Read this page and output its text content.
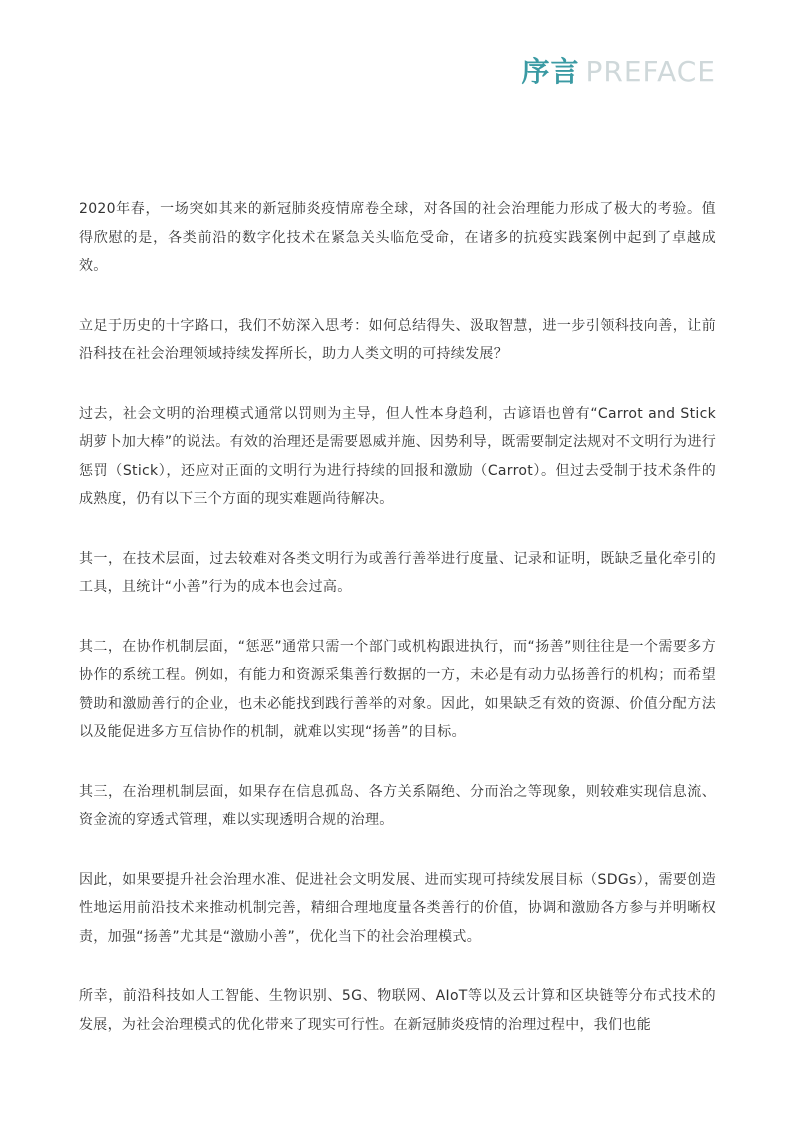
序言 PREFACE

2020年春，一场突如其来的新冠肺炎疫情席卷全球，对各国的社会治理能力形成了极大的考验。值得欣慰的是，各类前沿的数字化技术在紧急关头临危受命，在诸多的抗疫实践案例中起到了卓越成效。

立足于历史的十字路口，我们不妨深入思考：如何总结得失、汲取智慧，进一步引领科技向善，让前沿科技在社会治理领域持续发挥所长，助力人类文明的可持续发展？

过去，社会文明的治理模式通常以罚则为主导，但人性本身趋利，古谚语也曾有“Carrot and Stick胡萝卜加大棒”的说法。有效的治理还是需要恩威并施、因势利导，既需要制定法规对不文明行为进行惩罚（Stick），还应对正面的文明行为进行持续的回报和激励（Carrot）。但过去受制于技术条件的成熟度，仍有以下三个方面的现实难题尚待解决。

其一，在技术层面，过去较难对各类文明行为或善行善举进行度量、记录和证明，既缺乏量化牵引的工具，且统计“小善”行为的成本也会过高。

其二，在协作机制层面，“惩恶”通常只需一个部门或机构跟进执行，而“扬善”则往往是一个需要多方协作的系统工程。例如，有能力和资源采集善行数据的一方，未必是有动力弘扬善行的机构；而希望赞助和激励善行的企业，也未必能找到践行善举的对象。因此，如果缺乏有效的资源、价值分配方法以及能促进多方互信协作的机制，就难以实现“扬善”的目标。

其三，在治理机制层面，如果存在信息孤岛、各方关系隔绝、分而治之等现象，则较难实现信息流、资金流的穿透式管理，难以实现透明合规的治理。

因此，如果要提升社会治理水准、促进社会文明发展、进而实现可持续发展目标（SDGs），需要创造性地运用前沿技术来推动机制完善，精细合理地度量各类善行的价值，协调和激励各方参与并明晰权责，加强“扬善”尤其是“激励小善”，优化当下的社会治理模式。

所幸，前沿科技如人工智能、生物识别、5G、物联网、AIoT等以及云计算和区块链等分布式技术的发展，为社会治理模式的优化带来了现实可行性。在新冠肺炎疫情的治理过程中，我们也能
